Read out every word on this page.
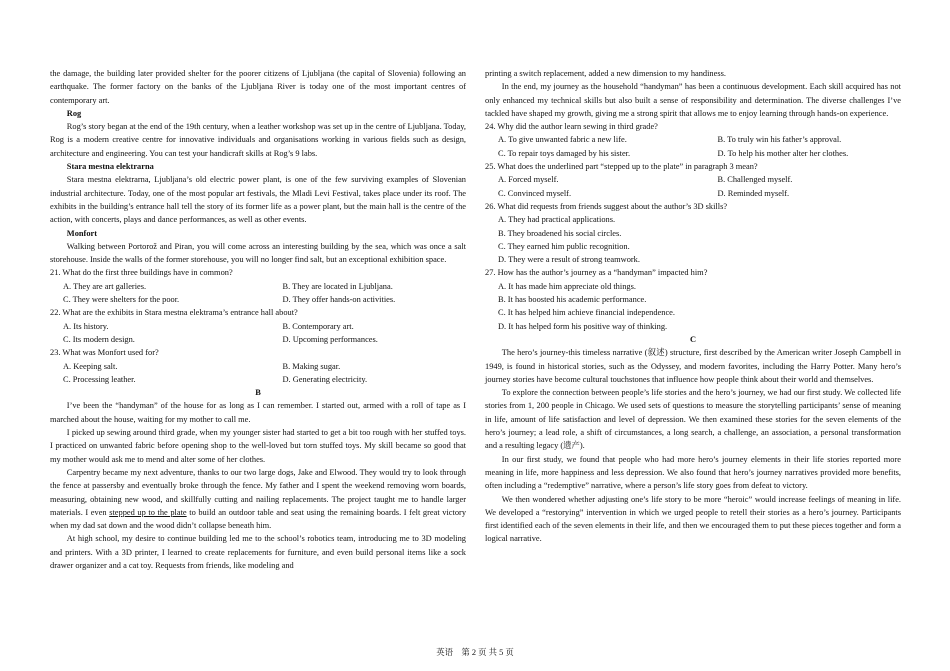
the damage, the building later provided shelter for the poorer citizens of Ljubljana (the capital of Slovenia) following an earthquake. The former factory on the banks of the Ljubljana River is today one of the most important centres of contemporary art.

Rog

Rog’s story began at the end of the 19th century, when a leather workshop was set up in the centre of Ljubljana. Today, Rog is a modern creative centre for innovative individuals and organisations working in various fields such as design, architecture and engineering. You can test your handicraft skills at Rog’s 9 labs.

Stara mestna elektrarna

Stara mestna elektrarna, Ljubljana’s old electric power plant, is one of the few surviving examples of Slovenian industrial architecture. Today, one of the most popular art festivals, the Mladi Levi Festival, takes place under its roof. The exhibits in the building’s entrance hall tell the story of its former life as a power plant, but the main hall is the centre of the action, with concerts, plays and dance performances, as well as other events.

Monfort

Walking between Portorož and Piran, you will come across an interesting building by the sea, which was once a salt storehouse. Inside the walls of the former storehouse, you will no longer find salt, but an exceptional exhibition space.

21. What do the first three buildings have in common?

A. They are art galleries.	B. They are located in Ljubljana.
C. They were shelters for the poor.	D. They offer hands-on activities.

22. What are the exhibits in Stara mestna elektrama’s entrance hall about?

A. Its history.	B. Contemporary art.
C. Its modern design.	D. Upcoming performances.

23. What was Monfort used for?

A. Keeping salt.	B. Making sugar.
C. Processing leather.	D. Generating electricity.

B

I’ve been the “handyman” of the house for as long as I can remember. I started out, armed with a roll of tape as I marched about the house, waiting for my mother to call me.

I picked up sewing around third grade, when my younger sister had started to get a bit too rough with her stuffed toys. I practiced on unwanted fabric before opening shop to the well-loved but torn stuffed toys. My skill became so good that my mother would ask me to mend and alter some of her clothes.

Carpentry became my next adventure, thanks to our two large dogs, Jake and Elwood. They would try to look through the fence at passersby and eventually broke through the fence. My father and I spent the weekend removing worn boards, measuring, obtaining new wood, and skillfully cutting and nailing replacements. The project taught me to handle larger materials. I even stepped up to the plate to build an outdoor table and seat using the remaining boards. I felt great victory when my dad sat down and the wood didn’t collapse beneath him.

At high school, my desire to continue building led me to the school’s robotics team, introducing me to 3D modeling and printers. With a 3D printer, I learned to create replacements for furniture, and even build personal items like a sock drawer organizer and a cat toy. Requests from friends, like modeling and

printing a switch replacement, added a new dimension to my handiness.

In the end, my journey as the household “handyman” has been a continuous development. Each skill acquired has not only enhanced my technical skills but also built a sense of responsibility and determination. The diverse challenges I’ve tackled have shaped my growth, giving me a strong spirit that allows me to enjoy learning through hands-on experience.

24. Why did the author learn sewing in third grade?

A. To give unwanted fabric a new life.	B. To truly win his father’s approval.
C. To repair toys damaged by his sister.	D. To help his mother alter her clothes.

25. What does the underlined part “stepped up to the plate” in paragraph 3 mean?

A. Forced myself.	B. Challenged myself.
C. Convinced myself.	D. Reminded myself.

26. What did requests from friends suggest about the author’s 3D skills?

A. They had practical applications.
B. They broadened his social circles.
C. They earned him public recognition.
D. They were a result of strong teamwork.

27. How has the author’s journey as a “handyman” impacted him?

A. It has made him appreciate old things.
B. It has boosted his academic performance.
C. It has helped him achieve financial independence.
D. It has helped form his positive way of thinking.

C

The hero’s journey-this timeless narrative (叙述) structure, first described by the American writer Joseph Campbell in 1949, is found in historical stories, such as the Odyssey, and modern favorites, including the Harry Potter. Many hero’s journey stories have become cultural touchstones that influence how people think about their world and themselves.

To explore the connection between people’s life stories and the hero’s journey, we had our first study. We collected life stories from 1, 200 people in Chicago. We used sets of questions to measure the storytelling participants’ sense of meaning in life, amount of life satisfaction and level of depression. We then examined these stories for the seven elements of the hero’s journey; a lead role, a shift of circumstances, a long search, a challenge, an association, a personal transformation and a resulting legacy (遗产).

In our first study, we found that people who had more hero’s journey elements in their life stories reported more meaning in life, more happiness and less depression. We also found that hero’s journey narratives provided more benefits, often including a “redemptive” narrative, where a person’s life story goes from defeat to victory.

We then wondered whether adjusting one’s life story to be more “heroic” would increase feelings of meaning in life. We developed a “restorying” intervention in which we urged people to retell their stories as a hero’s journey. Participants first identified each of the seven elements in their life, and then we encouraged them to put these pieces together and form a logical narrative.

英语　第 2 页 共 5 页
